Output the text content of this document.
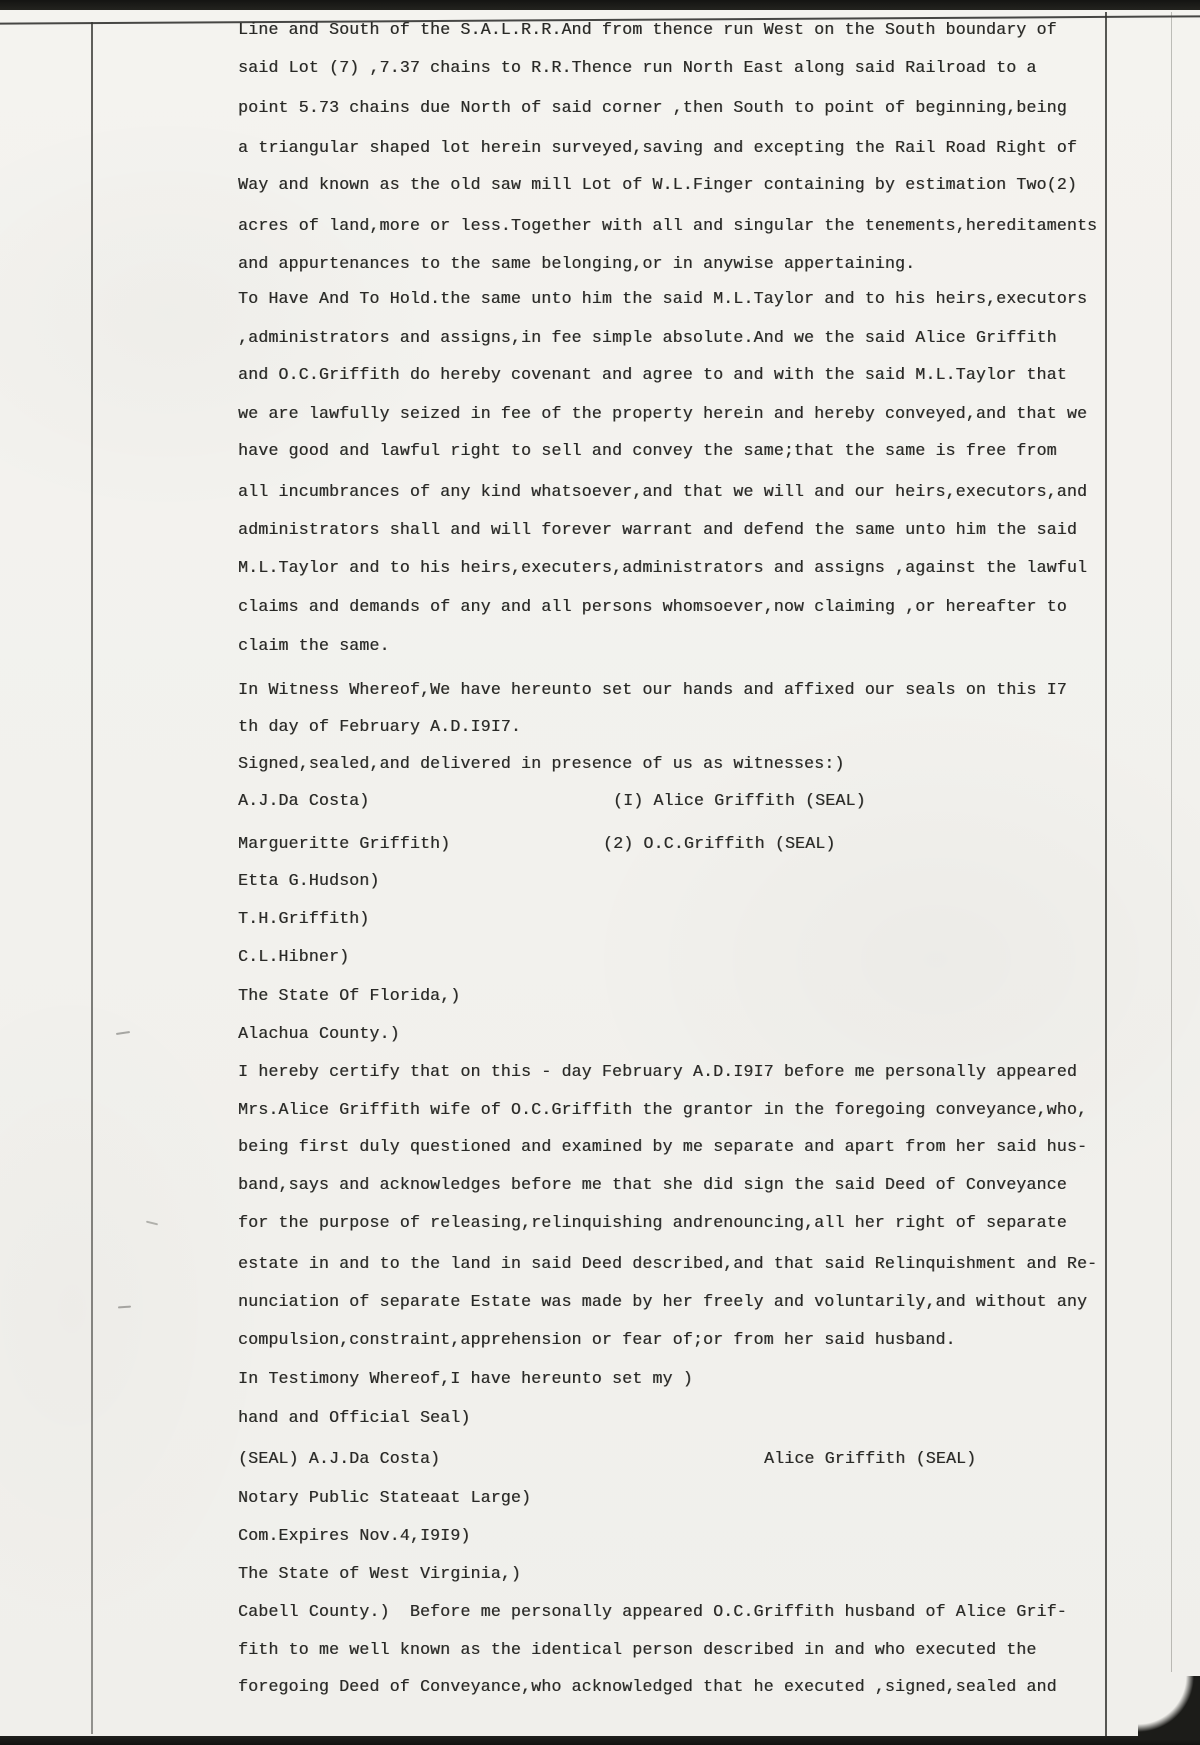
Line and South of the S.A.L.R.R.And from thence run West on the South boundary of
said Lot (7) ,7.37 chains to R.R.Thence run North East along said Railroad to a
point 5.73 chains due North of said corner ,then South to point of beginning,being
a triangular shaped lot herein surveyed,saving and excepting the Rail Road Right of
Way and known as the old saw mill Lot of W.L.Finger containing by estimation Two(2)
acres of land,more or less.Together with all and singular the tenements,hereditaments
and appurtenances to the same belonging,or in anywise appertaining.
To Have And To Hold.the same unto him the said M.L.Taylor and to his heirs,executors
,administrators and assigns,in fee simple absolute.And we the said Alice Griffith
and O.C.Griffith do hereby covenant and agree to and with the said M.L.Taylor that
we are lawfully seized in fee of the property herein and hereby conveyed,and that we
have good and lawful right to sell and convey the same;that the same is free from
all incumbrances of any kind whatsoever,and that we will and our heirs,executors,and
administrators shall and will forever warrant and defend the same unto him the said
M.L.Taylor and to his heirs,executers,administrators and assigns ,against the lawful
claims and demands of any and all persons whomsoever,now claiming ,or hereafter to
claim the same.
In Witness Whereof,We have hereunto set our hands and affixed our seals on this I7
th day of February A.D.I9I7.
Signed,sealed,and delivered in presence of us as witnesses:)
A.J.Da Costa)	(I) Alice Griffith (SEAL)
Margueritte Griffith)	(2) O.C.Griffith (SEAL)
Etta G.Hudson)
T.H.Griffith)
C.L.Hibner)
The State Of Florida,)
Alachua County.)
I hereby certify that on this - day February A.D.I9I7 before me personally appeared
Mrs.Alice Griffith wife of O.C.Griffith the grantor in the foregoing conveyance,who,
being first duly questioned and examined by me separate and apart from her said hus-
band,says and acknowledges before me that she did sign the said Deed of Conveyance
for the purpose of releasing,relinquishing andrenouncing,all her right of separate
estate in and to the land in said Deed described,and that said Relinquishment and Re-
nunciation of separate Estate was made by her freely and voluntarily,and without any
compulsion,constraint,apprehension or fear of;or from her said husband.
In Testimony Whereof,I have hereunto set my )
hand and Official Seal)
(SEAL) A.J.Da Costa)	Alice Griffith (SEAL)
Notary Public Stateaat Large)
Com.Expires Nov.4,I9I9)
The State of West Virginia,)
Cabell County.)  Before me personally appeared O.C.Griffith husband of Alice Grif-
fith to me well known as the identical person described in and who executed the
foregoing Deed of Conveyance,who acknowledged that he executed ,signed,sealed and
